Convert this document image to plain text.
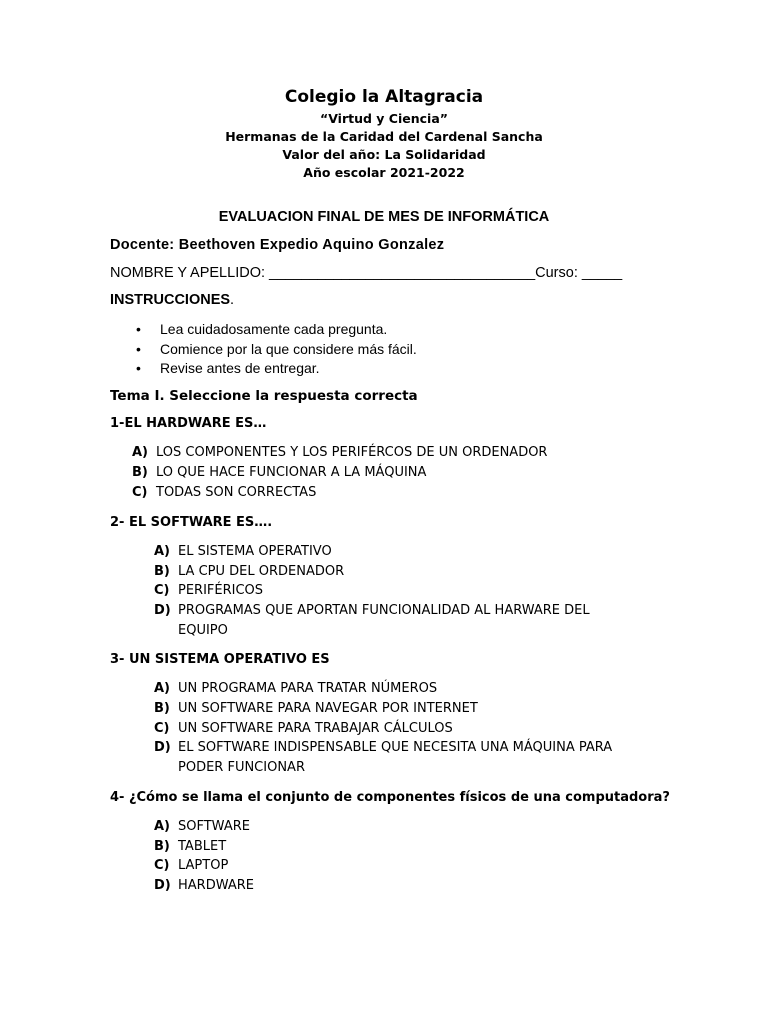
Colegio la Altagracia
“Virtud y Ciencia”
Hermanas de la Caridad del Cardenal Sancha
Valor del año: La Solidaridad
Año escolar 2021-2022
EVALUACION FINAL DE MES DE INFORMÁTICA
Docente: Beethoven Expedio Aquino Gonzalez
NOMBRE Y APELLIDO: _________________________________Curso: _____
INSTRUCCIONES.
• Lea cuidadosamente cada pregunta.
• Comience por la que considere más fácil.
• Revise antes de entregar.
Tema I. Seleccione la respuesta correcta
1-EL HARDWARE ES…
A) LOS COMPONENTES Y LOS PERIFÉRCOS DE UN ORDENADOR
B) LO QUE HACE FUNCIONAR A LA MÁQUINA
C) TODAS SON CORRECTAS
2- EL SOFTWARE ES….
A) EL SISTEMA OPERATIVO
B) LA CPU DEL ORDENADOR
C) PERIFÉRICOS
D) PROGRAMAS QUE APORTAN FUNCIONALIDAD AL HARWARE DEL
EQUIPO
3- UN SISTEMA OPERATIVO ES
A) UN PROGRAMA PARA TRATAR NÚMEROS
B) UN SOFTWARE PARA NAVEGAR POR INTERNET
C) UN SOFTWARE PARA TRABAJAR CÁLCULOS
D) EL SOFTWARE INDISPENSABLE QUE NECESITA UNA MÁQUINA PARA
PODER FUNCIONAR
4- ¿Cómo se llama el conjunto de componentes físicos de una computadora?
A) SOFTWARE
B) TABLET
C) LAPTOP
D) HARDWARE
